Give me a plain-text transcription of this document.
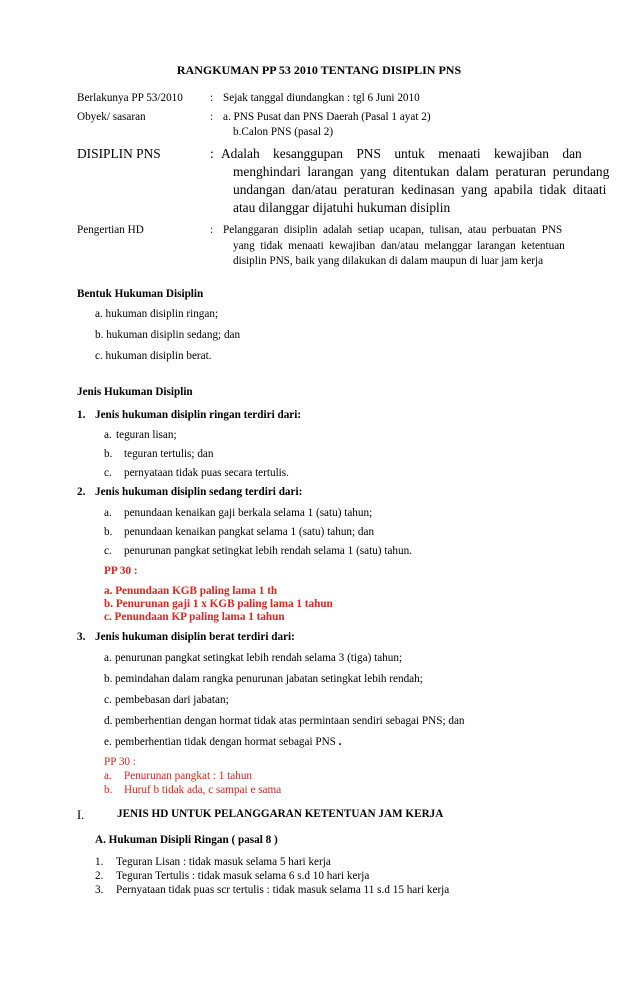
RANGKUMAN PP 53 2010 TENTANG DISIPLIN PNS
Berlakunya PP 53/2010 : Sejak tanggal diundangkan : tgl 6 Juni 2010
Obyek/ sasaran	: a. PNS Pusat dan PNS Daerah (Pasal 1 ayat 2)
b.Calon PNS (pasal 2)
DISIPLIN PNS	: Adalah    kesanggupan    PNS    untuk    menaati    kewajiban    dan
menghindari  larangan  yang  ditentukan  dalam  peraturan  perundang
undangan  dan/atau  peraturan  kedinasan  yang  apabila  tidak  ditaati
atau dilanggar dijatuhi hukuman disiplin
Pengertian HD	: Pelanggaran  disiplin  adalah  setiap  ucapan,  tulisan,  atau  perbuatan  PNS
yang  tidak  menaati  kewajiban  dan/atau  melanggar  larangan  ketentuan
disiplin PNS, baik yang dilakukan di dalam maupun di luar jam kerja
Bentuk Hukuman Disiplin
a. hukuman disiplin ringan;
b. hukuman disiplin sedang; dan
c. hukuman disiplin berat.
Jenis Hukuman Disiplin
1. Jenis hukuman disiplin ringan terdiri dari:
a. teguran lisan;
b. teguran tertulis; dan
c. pernyataan tidak puas secara tertulis.
2. Jenis hukuman disiplin sedang terdiri dari:
a. penundaan kenaikan gaji berkala selama 1 (satu) tahun;
b. penundaan kenaikan pangkat selama 1 (satu) tahun; dan
c. penurunan pangkat setingkat lebih rendah selama 1 (satu) tahun.
PP 30 :
a. Penundaan KGB paling lama 1 th
b. Penurunan gaji 1 x KGB paling lama 1 tahun
c. Penundaan KP paling lama 1 tahun
3. Jenis hukuman disiplin berat terdiri dari:
a. penurunan pangkat setingkat lebih rendah selama 3 (tiga) tahun;
b. pemindahan dalam rangka penurunan jabatan setingkat lebih rendah;
c. pembebasan dari jabatan;
d. pemberhentian dengan hormat tidak atas permintaan sendiri sebagai PNS; dan
e. pemberhentian tidak dengan hormat sebagai PNS .
PP 30 :
a. Penurunan pangkat : 1 tahun
b. Huruf b tidak ada, c sampai e sama
I.	JENIS HD UNTUK PELANGGARAN KETENTUAN JAM KERJA
A. Hukuman Disipli Ringan ( pasal 8 )
1. Teguran Lisan : tidak masuk selama 5 hari kerja
2. Teguran Tertulis : tidak masuk selama 6 s.d 10 hari kerja
3. Pernyataan tidak puas scr tertulis : tidak masuk selama 11 s.d 15 hari kerja
